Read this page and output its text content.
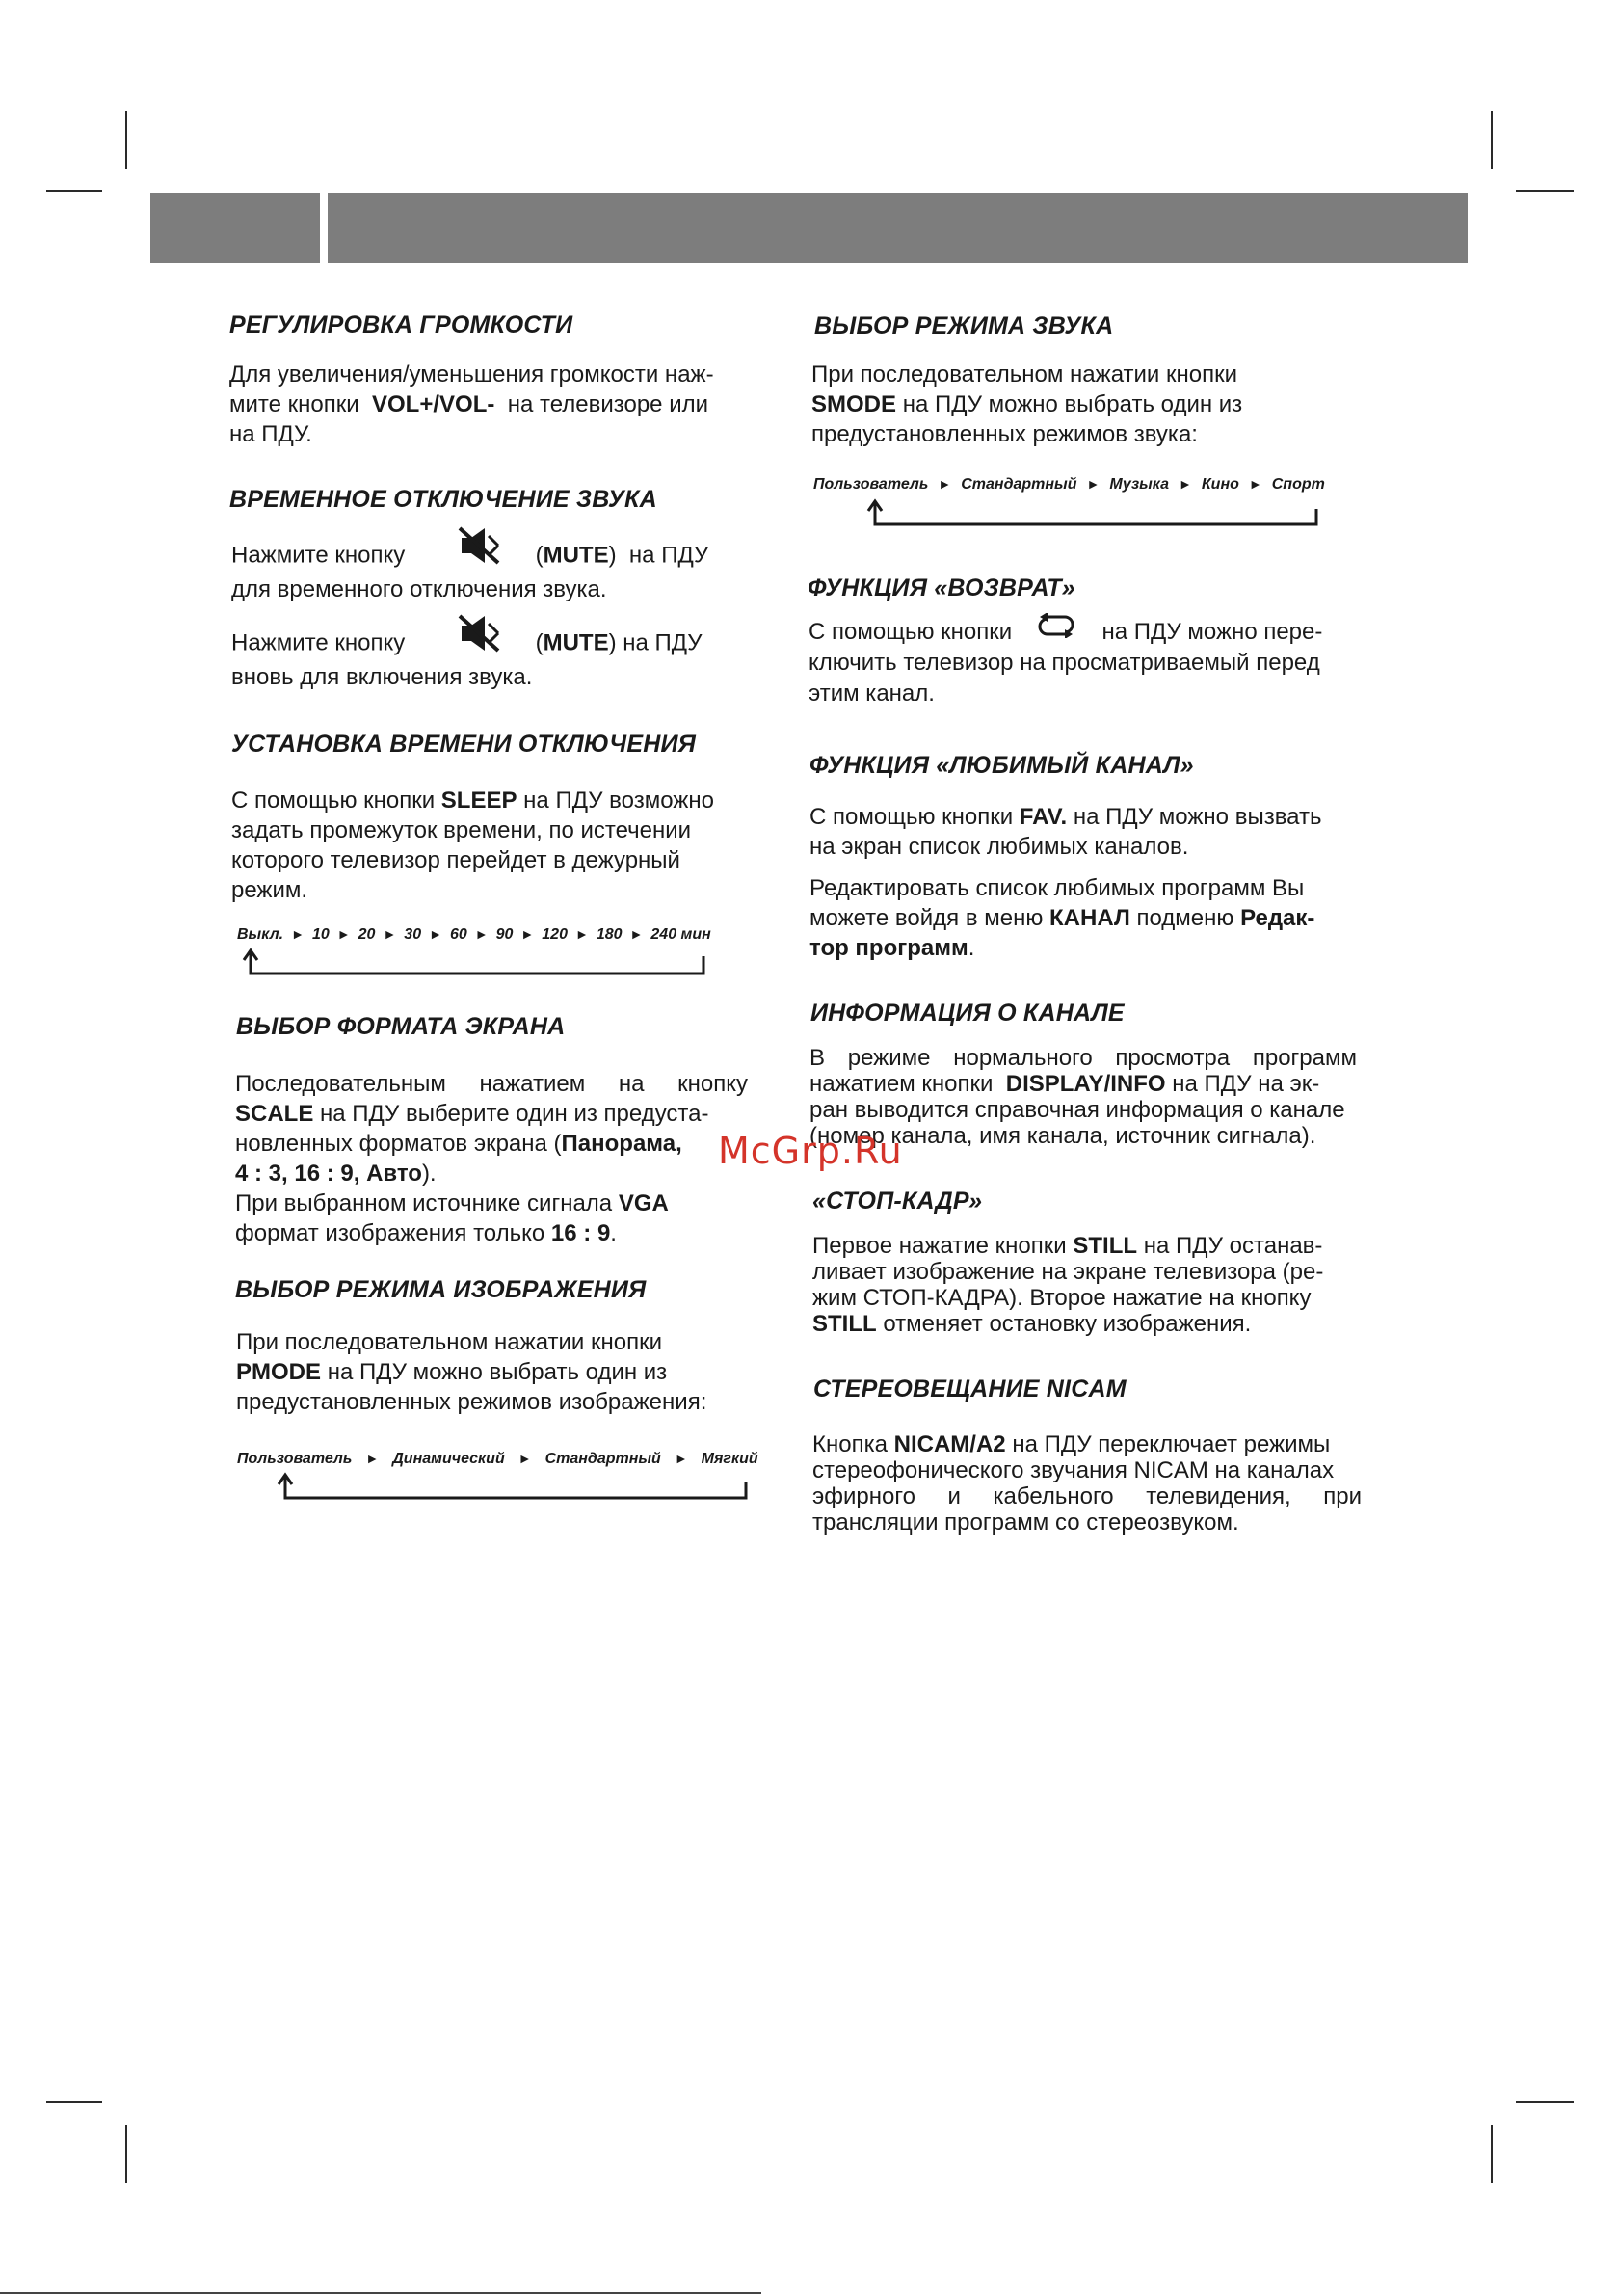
РЕГУЛИРОВКА ГРОМКОСТИ
Для увеличения/уменьшения громкости наж-
мите кнопки VOL+/VOL- на телевизоре или
на ПДУ.
ВРЕМЕННОЕ ОТКЛЮЧЕНИЕ ЗВУКА
Нажмите кнопку	(MUTE)  на ПДУ
для временного отключения звука.
Нажмите кнопку	(MUTE) на ПДУ
вновь для включения звука.
УСТАНОВКА ВРЕМЕНИ ОТКЛЮЧЕНИЯ
С помощью кнопки SLEEP на ПДУ возможно
задать промежуток времени, по истечении
которого телевизор перейдет в дежурный
режим.
Выкл. ► 10 ► 20 ► 30 ► 60 ► 90 ► 120 ► 180 ► 240 мин
ВЫБОР ФОРМАТА ЭКРАНА
Последовательным нажатием на кнопку
SCALE на ПДУ выберите один из предуста-
новленных форматов экрана (Панорама,
4 : 3, 16 : 9, Авто).
При выбранном источнике сигнала VGA
формат изображения только 16 : 9.
ВЫБОР РЕЖИМА ИЗОБРАЖЕНИЯ
При последовательном нажатии кнопки
PMODE на ПДУ можно выбрать один из
предустановленных режимов изображения:
Пользователь ► Динамический ► Стандартный ► Мягкий
ВЫБОР РЕЖИМА ЗВУКА
При последовательном нажатии кнопки
SMODE на ПДУ можно выбрать один из
предустановленных режимов звука:
Пользователь ► Стандартный ► Музыка ► Кино ► Спорт
ФУНКЦИЯ «ВОЗВРАТ»
С помощью кнопки	на ПДУ можно пере-
ключить телевизор на просматриваемый перед
этим канал.
ФУНКЦИЯ «ЛЮБИМЫЙ КАНАЛ»
С помощью кнопки FAV. на ПДУ можно вызвать
на экран список любимых каналов.
Редактировать список любимых программ Вы
можете войдя в меню КАНАЛ подменю Редак-
тор программ.
ИНФОРМАЦИЯ О КАНАЛЕ
В режиме нормального просмотра программ
нажатием кнопки DISPLAY/INFO на ПДУ на эк-
ран выводится справочная информация о канале
(номер канала, имя канала, источник сигнала).
«СТОП-КАДР»
Первое нажатие кнопки STILL на ПДУ останав-
ливает изображение на экране телевизора (ре-
жим СТОП-КАДРА). Второе нажатие на кнопку
STILL отменяет остановку изображения.
СТЕРЕОВЕЩАНИЕ NICAM
Кнопка NICAM/A2 на ПДУ переключает режимы
стереофонического звучания NICAM на каналах

эфирного и кабельного телевидения, при
трансляции программ со стереозвуком.
McGrp.Ru
